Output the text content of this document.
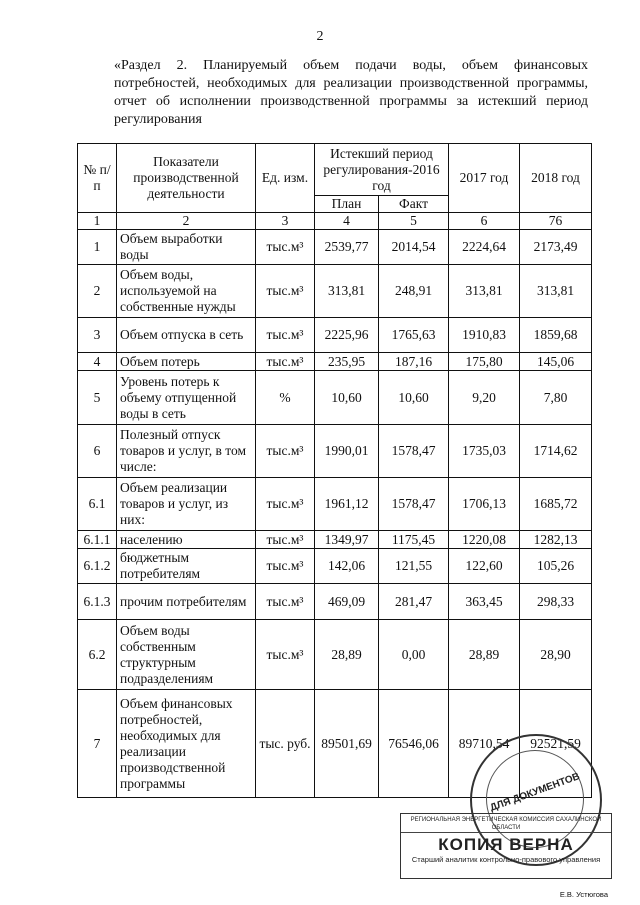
2
«Раздел 2. Планируемый объем подачи воды, объем финансовых потребностей, необходимых для реализации производственной программы, отчет об исполнении производственной программы за истекший период регулирования
№ п/п	Показатели производственной деятельности	Ед. изм.	Истекший период регулирования-2016 год		2017 год	2018 год
			План	Факт		
1	2	3	4	5	6	76
1	Объем выработки воды	тыс.м³	2539,77	2014,54	2224,64	2173,49
2	Объем воды, используемой на собственные нужды	тыс.м³	313,81	248,91	313,81	313,81
3	Объем отпуска в сеть	тыс.м³	2225,96	1765,63	1910,83	1859,68
4	Объем потерь	тыс.м³	235,95	187,16	175,80	145,06
5	Уровень потерь к объему отпущенной воды в сеть	%	10,60	10,60	9,20	7,80
6	Полезный отпуск товаров и услуг, в том числе:	тыс.м³	1990,01	1578,47	1735,03	1714,62
6.1	Объем реализации товаров и услуг, из них:	тыс.м³	1961,12	1578,47	1706,13	1685,72
6.1.1	населению	тыс.м³	1349,97	1175,45	1220,08	1282,13
6.1.2	бюджетным потребителям	тыс.м³	142,06	121,55	122,60	105,26
6.1.3	прочим потребителям	тыс.м³	469,09	281,47	363,45	298,33
6.2	Объем воды собственным структурным подразделениям	тыс.м³	28,89	0,00	28,89	28,90
7	Объем финансовых потребностей, необходимых для реализации производственной программы	тыс. руб.	89501,69	76546,06	89710,54	92521,59
ДЛЯ ДОКУМЕНТОВ
РЕГИОНАЛЬНАЯ ЭНЕРГЕТИЧЕСКАЯ КОМИССИЯ САХАЛИНСКОЙ ОБЛАСТИ
КОПИЯ ВЕРНА
Старший аналитик контрольно-правового управления
Е.В. Устюгова
